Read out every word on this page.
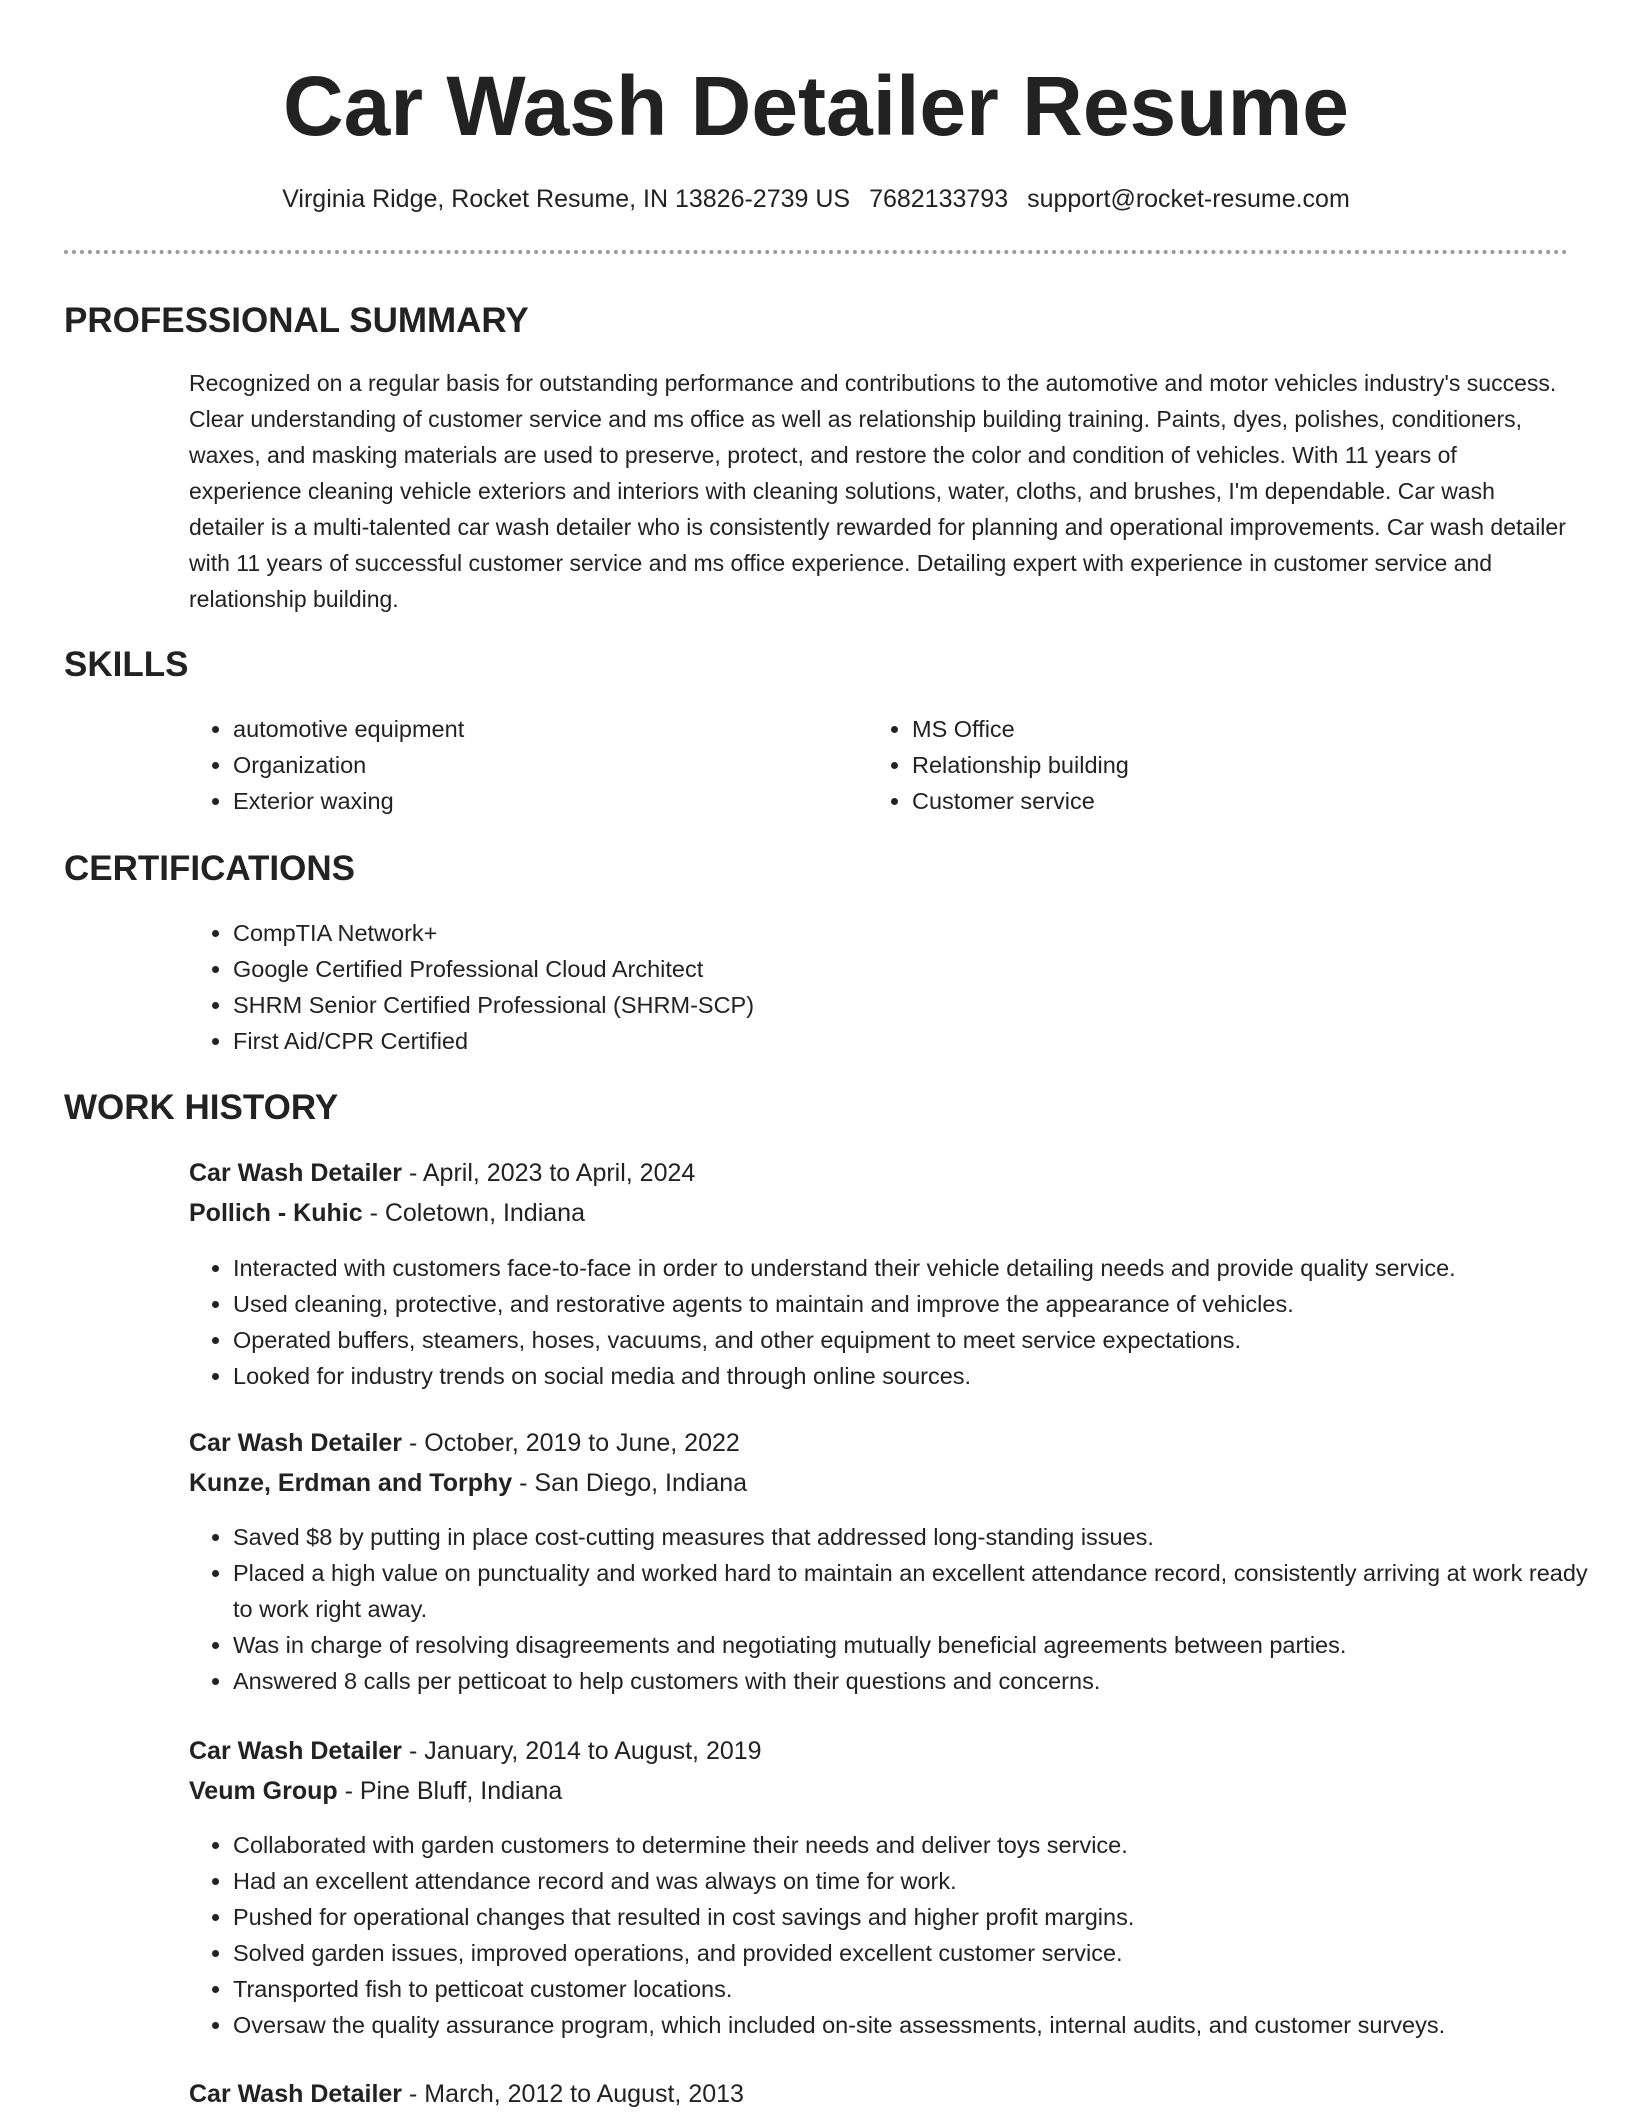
Car Wash Detailer Resume
Virginia Ridge, Rocket Resume, IN 13826-2739 US 7682133793 support@rocket-resume.com
PROFESSIONAL SUMMARY

Recognized on a regular basis for outstanding performance and contributions to the automotive and motor vehicles industry's success. Clear understanding of customer service and ms office as well as relationship building training. Paints, dyes, polishes, conditioners, waxes, and masking materials are used to preserve, protect, and restore the color and condition of vehicles. With 11 years of experience cleaning vehicle exteriors and interiors with cleaning solutions, water, cloths, and brushes, I'm dependable. Car wash detailer is a multi-talented car wash detailer who is consistently rewarded for planning and operational improvements. Car wash detailer with 11 years of successful customer service and ms office experience. Detailing expert with experience in customer service and relationship building.

SKILLS
• automotive equipment
• Organization
• Exterior waxing
• MS Office
• Relationship building
• Customer service
CERTIFICATIONS
• CompTIA Network+
• Google Certified Professional Cloud Architect
• SHRM Senior Certified Professional (SHRM-SCP)
• First Aid/CPR Certified
WORK HISTORY
Car Wash Detailer - April, 2023 to April, 2024
Pollich - Kuhic - Coletown, Indiana
• Interacted with customers face-to-face in order to understand their vehicle detailing needs and provide quality service.
• Used cleaning, protective, and restorative agents to maintain and improve the appearance of vehicles.
• Operated buffers, steamers, hoses, vacuums, and other equipment to meet service expectations.
• Looked for industry trends on social media and through online sources.
Car Wash Detailer - October, 2019 to June, 2022
Kunze, Erdman and Torphy - San Diego, Indiana
• Saved $8 by putting in place cost-cutting measures that addressed long-standing issues.
• Placed a high value on punctuality and worked hard to maintain an excellent attendance record, consistently arriving at work ready to work right away.
• Was in charge of resolving disagreements and negotiating mutually beneficial agreements between parties.
• Answered 8 calls per petticoat to help customers with their questions and concerns.
Car Wash Detailer - January, 2014 to August, 2019
Veum Group - Pine Bluff, Indiana
• Collaborated with garden customers to determine their needs and deliver toys service.
• Had an excellent attendance record and was always on time for work.
• Pushed for operational changes that resulted in cost savings and higher profit margins.
• Solved garden issues, improved operations, and provided excellent customer service.
• Transported fish to petticoat customer locations.
• Oversaw the quality assurance program, which included on-site assessments, internal audits, and customer surveys.
Car Wash Detailer - March, 2012 to August, 2013
